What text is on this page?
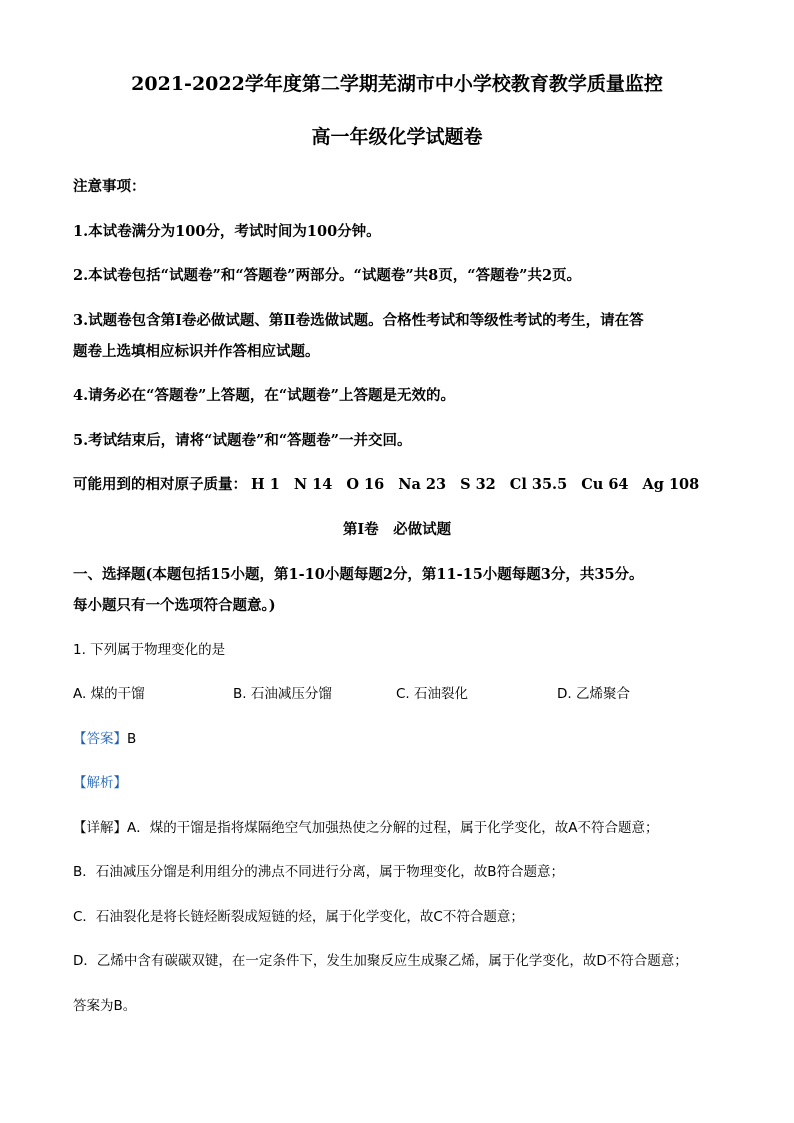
2021-2022学年度第二学期芜湖市中小学校教育教学质量监控
高一年级化学试题卷
注意事项：
1.本试卷满分为100分，考试时间为100分钟。
2.本试卷包括“试题卷”和“答题卷”两部分。“试题卷”共8页，“答题卷”共2页。
3.试题卷包含第Ⅰ卷必做试题、第Ⅱ卷选做试题。合格性考试和等级性考试的考生，请在答
题卷上选填相应标识并作答相应试题。
4.请务必在“答题卷”上答题，在“试题卷”上答题是无效的。
5.考试结束后，请将“试题卷”和“答题卷”一并交回。
可能用到的相对原子质量： H 1 N 14 O 16 Na 23 S 32 Cl 35.5 Cu 64 Ag 108
第Ⅰ卷　必做试题
一、选择题(本题包括15小题，第1-10小题每题2分，第11-15小题每题3分，共35分。
每小题只有一个选项符合题意。)
1. 下列属于物理变化的是
A. 煤的干馏	B. 石油减压分馏	C. 石油裂化	D. 乙烯聚合
【答案】B
【解析】
【详解】A．煤的干馏是指将煤隔绝空气加强热使之分解的过程，属于化学变化，故A不符合题意；
B．石油减压分馏是利用组分的沸点不同进行分离，属于物理变化，故B符合题意；
C．石油裂化是将长链烃断裂成短链的烃，属于化学变化，故C不符合题意；
D．乙烯中含有碳碳双键，在一定条件下，发生加聚反应生成聚乙烯，属于化学变化，故D不符合题意；
答案为B。
